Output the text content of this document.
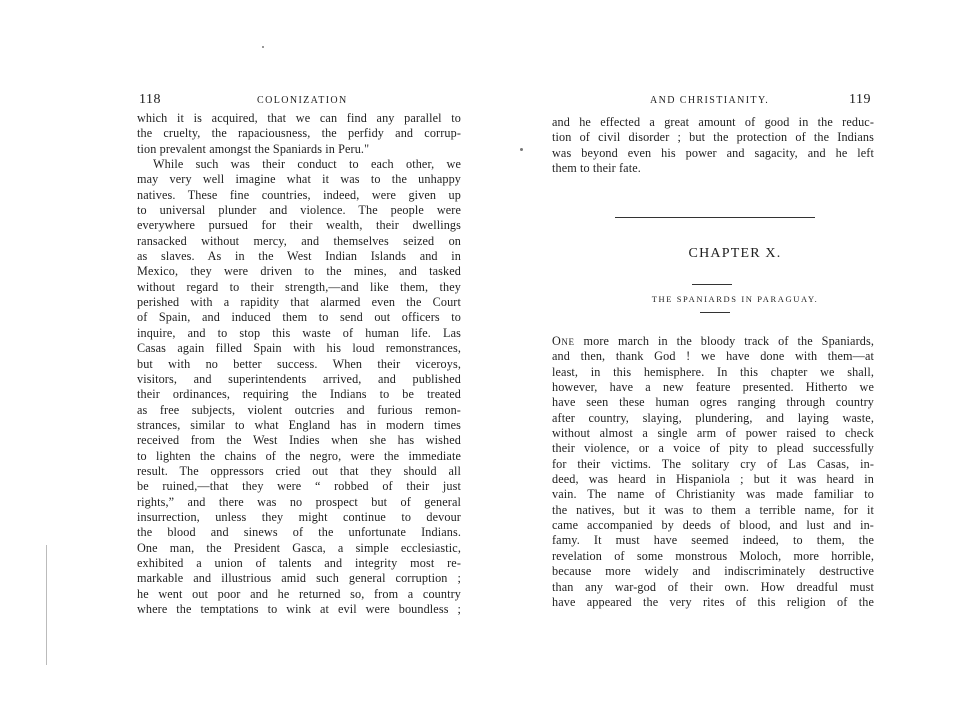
118	COLONIZATION
which it is acquired, that we can find any parallel to
the cruelty, the rapaciousness, the perfidy and corrup-
tion prevalent amongst the Spaniards in Peru."
While such was their conduct to each other, we
may very well imagine what it was to the unhappy
natives. These fine countries, indeed, were given up
to universal plunder and violence. The people were
everywhere pursued for their wealth, their dwellings
ransacked without mercy, and themselves seized on
as slaves. As in the West Indian Islands and in
Mexico, they were driven to the mines, and tasked
without regard to their strength,—and like them, they
perished with a rapidity that alarmed even the Court
of Spain, and induced them to send out officers to
inquire, and to stop this waste of human life. Las
Casas again filled Spain with his loud remonstrances,
but with no better success. When their viceroys,
visitors, and superintendents arrived, and published
their ordinances, requiring the Indians to be treated
as free subjects, violent outcries and furious remon-
strances, similar to what England has in modern times
received from the West Indies when she has wished
to lighten the chains of the negro, were the immediate
result. The oppressors cried out that they should all
be ruined,—that they were “ robbed of their just
rights,” and there was no prospect but of general
insurrection, unless they might continue to devour
the blood and sinews of the unfortunate Indians.
One man, the President Gasca, a simple ecclesiastic,
exhibited a union of talents and integrity most re-
markable and illustrious amid such general corruption ;
he went out poor and he returned so, from a country
where the temptations to wink at evil were boundless ;
AND CHRISTIANITY.	119
and he effected a great amount of good in the reduc-
tion of civil disorder ; but the protection of the Indians
was beyond even his power and sagacity, and he left
them to their fate.
CHAPTER X.
THE SPANIARDS IN PARAGUAY.
One more march in the bloody track of the Spaniards,
and then, thank God ! we have done with them—at
least, in this hemisphere. In this chapter we shall,
however, have a new feature presented. Hitherto we
have seen these human ogres ranging through country
after country, slaying, plundering, and laying waste,
without almost a single arm of power raised to check
their violence, or a voice of pity to plead successfully
for their victims. The solitary cry of Las Casas, in-
deed, was heard in Hispaniola ; but it was heard in
vain. The name of Christianity was made familiar to
the natives, but it was to them a terrible name, for it
came accompanied by deeds of blood, and lust and in-
famy. It must have seemed indeed, to them, the
revelation of some monstrous Moloch, more horrible,
because more widely and indiscriminately destructive
than any war-god of their own. How dreadful must
have appeared the very rites of this religion of the
